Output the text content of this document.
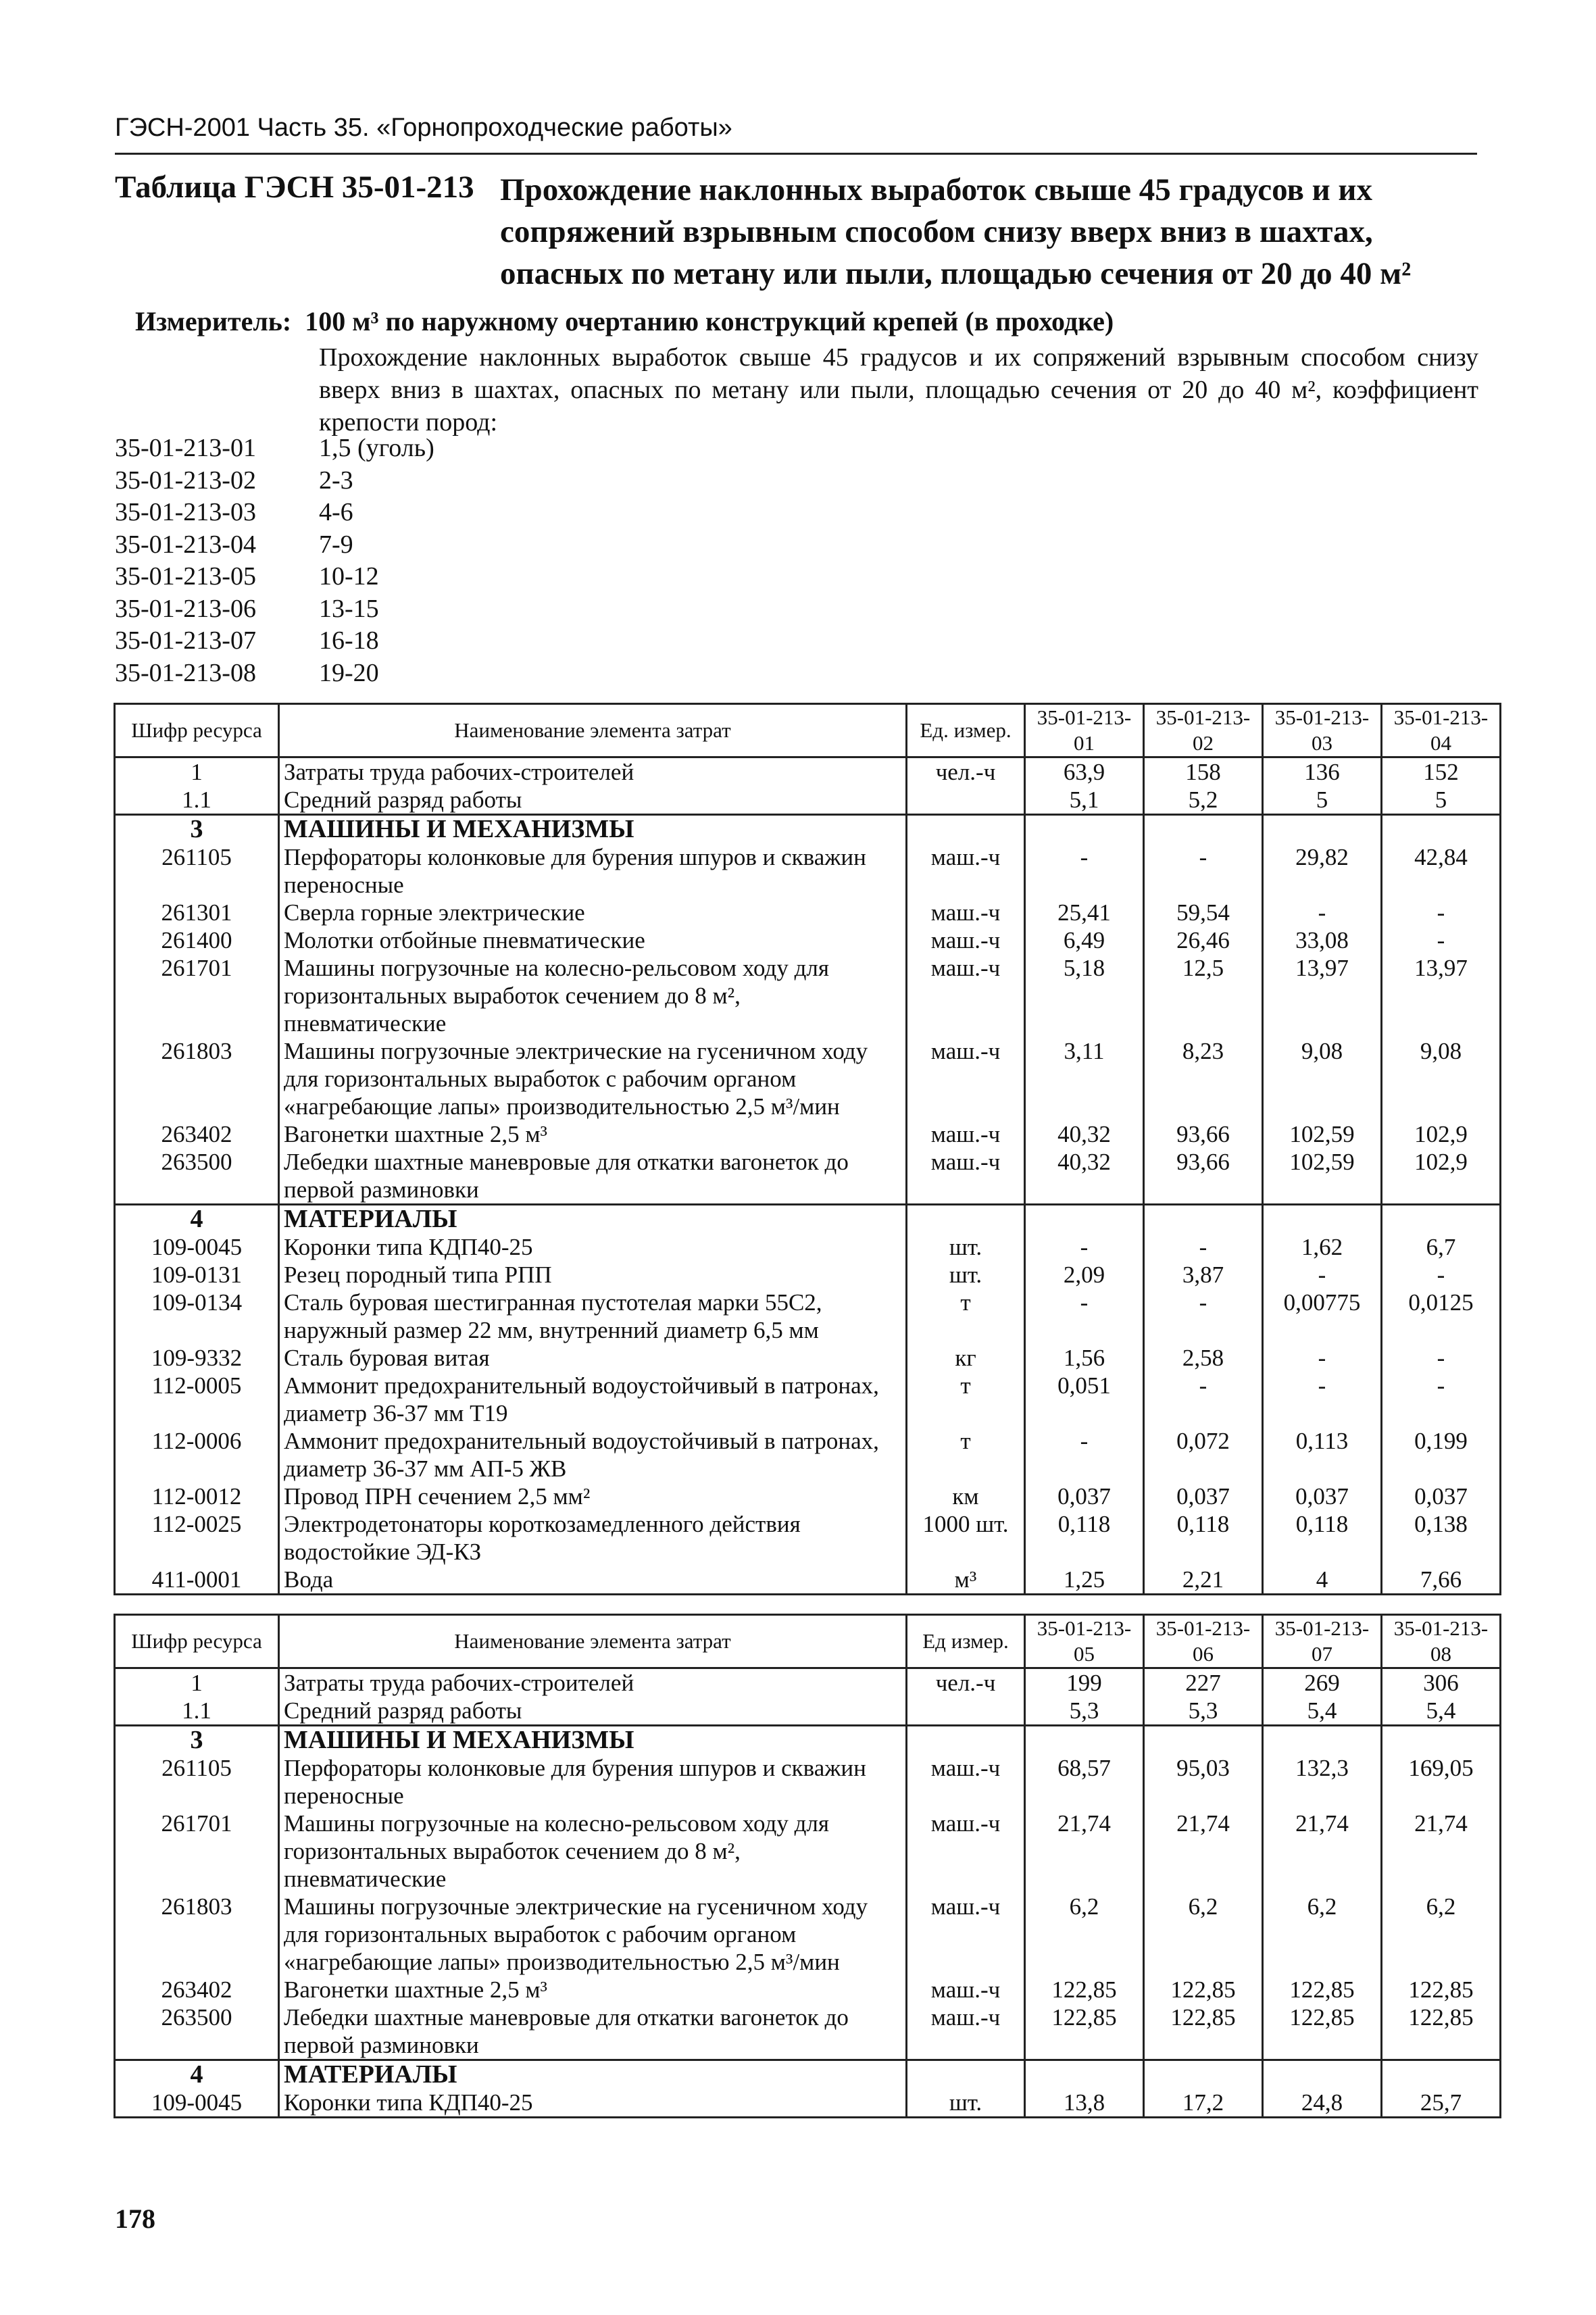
ГЭСН-2001 Часть 35. «Горнопроходческие работы»
Таблица ГЭСН 35-01-213 Прохождение наклонных выработок свыше 45 градусов и их сопряжений взрывным способом снизу вверх вниз в шахтах, опасных по метану или пыли, площадью сечения от 20 до 40 м²
Измеритель: 100 м³ по наружному очертанию конструкций крепей (в проходке)
Прохождение наклонных выработок свыше 45 градусов и их сопряжений взрывным способом снизу вверх вниз в шахтах, опасных по метану или пыли, площадью сечения от 20 до 40 м², коэффициент крепости пород:
35-01-213-01	1,5 (уголь)
35-01-213-02	2-3
35-01-213-03	4-6
35-01-213-04	7-9
35-01-213-05	10-12
35-01-213-06	13-15
35-01-213-07	16-18
35-01-213-08	19-20
Шифр ресурса	Наименование элемента затрат	Ед. измер.	35-01-213-01	35-01-213-02	35-01-213-03	35-01-213-04
1	Затраты труда рабочих-строителей	чел.-ч	63,9	158	136	152
1.1	Средний разряд работы		5,1	5,2	5	5
3	МАШИНЫ И МЕХАНИЗМЫ					
261105	Перфораторы колонковые для бурения шпуров и скважин переносные	маш.-ч	-	-	29,82	42,84
261301	Сверла горные электрические	маш.-ч	25,41	59,54	-	-
261400	Молотки отбойные пневматические	маш.-ч	6,49	26,46	33,08	-
261701	Машины погрузочные на колесно-рельсовом ходу для горизонтальных выработок сечением до 8 м², пневматические	маш.-ч	5,18	12,5	13,97	13,97
261803	Машины погрузочные электрические на гусеничном ходу для горизонтальных выработок с рабочим органом «нагребающие лапы» производительностью 2,5 м³/мин	маш.-ч	3,11	8,23	9,08	9,08
263402	Вагонетки шахтные 2,5 м³	маш.-ч	40,32	93,66	102,59	102,9
263500	Лебедки шахтные маневровые для откатки вагонеток до первой разминовки	маш.-ч	40,32	93,66	102,59	102,9
4	МАТЕРИАЛЫ					
109-0045	Коронки типа КДП40-25	шт.	-	-	1,62	6,7
109-0131	Резец породный типа РПП	шт.	2,09	3,87	-	-
109-0134	Сталь буровая шестигранная пустотелая марки 55С2, наружный размер 22 мм, внутренний диаметр 6,5 мм	т	-	-	0,00775	0,0125
109-9332	Сталь буровая витая	кг	1,56	2,58	-	-
112-0005	Аммонит предохранительный водоустойчивый в патронах, диаметр 36-37 мм Т19	т	0,051	-	-	-
112-0006	Аммонит предохранительный водоустойчивый в патронах, диаметр 36-37 мм АП-5 ЖВ	т	-	0,072	0,113	0,199
112-0012	Провод ПРН сечением 2,5 мм²	км	0,037	0,037	0,037	0,037
112-0025	Электродетонаторы короткозамедленного действия водостойкие ЭД-КЗ	1000 шт.	0,118	0,118	0,118	0,138
411-0001	Вода	м³	1,25	2,21	4	7,66
Шифр ресурса	Наименование элемента затрат	Ед измер.	35-01-213-05	35-01-213-06	35-01-213-07	35-01-213-08
1	Затраты труда рабочих-строителей	чел.-ч	199	227	269	306
1.1	Средний разряд работы		5,3	5,3	5,4	5,4
3	МАШИНЫ И МЕХАНИЗМЫ					
261105	Перфораторы колонковые для бурения шпуров и скважин переносные	маш.-ч	68,57	95,03	132,3	169,05
261701	Машины погрузочные на колесно-рельсовом ходу для горизонтальных выработок сечением до 8 м², пневматические	маш.-ч	21,74	21,74	21,74	21,74
261803	Машины погрузочные электрические на гусеничном ходу для горизонтальных выработок с рабочим органом «нагребающие лапы» производительностью 2,5 м³/мин	маш.-ч	6,2	6,2	6,2	6,2
263402	Вагонетки шахтные 2,5 м³	маш.-ч	122,85	122,85	122,85	122,85
263500	Лебедки шахтные маневровые для откатки вагонеток до первой разминовки	маш.-ч	122,85	122,85	122,85	122,85
4	МАТЕРИАЛЫ					
109-0045	Коронки типа КДП40-25	шт.	13,8	17,2	24,8	25,7
178
